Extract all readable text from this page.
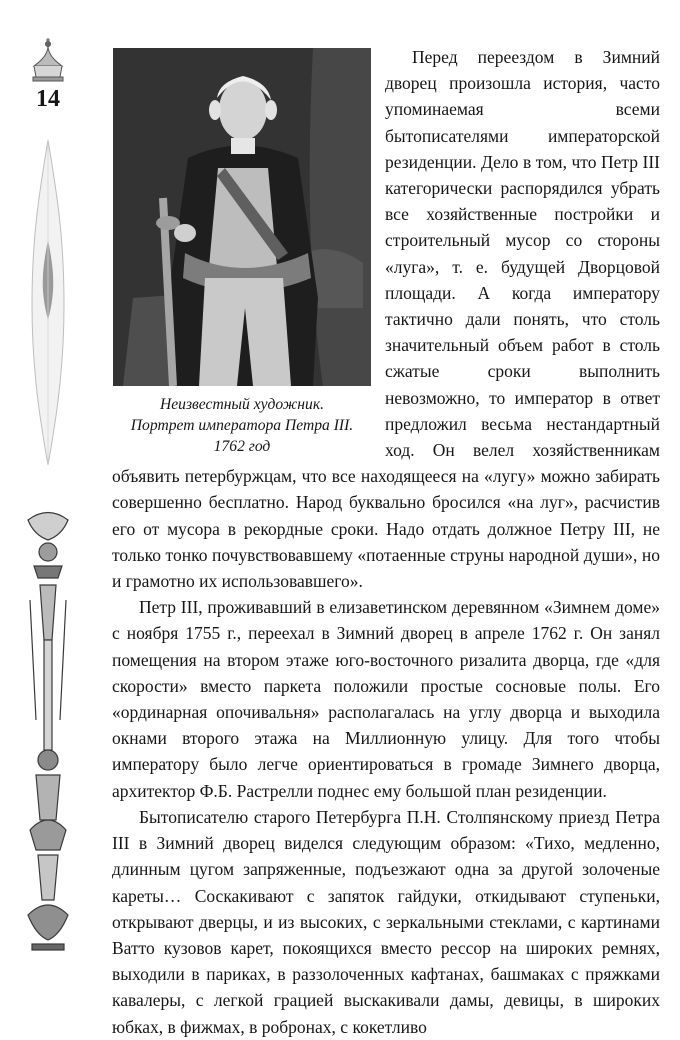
14
Неизвестный художник.
Портрет императора Петра III.
1762 год

Перед переездом в Зимний дворец произошла история, часто упоминаемая всеми бытописателями императорской резиденции. Дело в том, что Петр III категорически распорядился убрать все хозяйственные постройки и строительный мусор со стороны «луга», т. е. будущей Дворцовой площади. А когда императору тактично дали понять, что столь значительный объем работ в столь сжатые сроки выполнить невозможно, то император в ответ предложил весьма нестандартный ход. Он велел хозяйственникам объявить петербуржцам, что все находящееся на «лугу» можно забирать совершенно бесплатно. Народ буквально бросился «на луг», расчистив его от мусора в рекордные сроки. Надо отдать должное Петру III, не только тонко почувствовавшему «потаенные струны народной души», но и грамотно их использовавшего».

Петр III, проживавший в елизаветинском деревянном «Зимнем доме» с ноября 1755 г., переехал в Зимний дворец в апреле 1762 г. Он занял помещения на втором этаже юго-восточного ризалита дворца, где «для скорости» вместо паркета положили простые сосновые полы. Его «ординарная опочивальня» располагалась на углу дворца и выходила окнами второго этажа на Миллионную улицу. Для того чтобы императору было легче ориентироваться в громаде Зимнего дворца, архитектор Ф.Б. Растрелли поднес ему большой план резиденции.

Бытописателю старого Петербурга П.Н. Столпянскому приезд Петра III в Зимний дворец виделся следующим образом: «Тихо, медленно, длинным цугом запряженные, подъезжают одна за другой золоченые кареты… Соскакивают с запяток гайдуки, откидывают ступеньки, открывают дверцы, и из высоких, с зеркальными стеклами, с картинами Ватто кузовов карет, покоящихся вместо рессор на широких ремнях, выходили в париках, в раззолоченных кафтанах, башмаках с пряжками кавалеры, с легкой грацией выскакивали дамы, девицы, в широких юбках, в фижмах, в робронах, с кокетливо
